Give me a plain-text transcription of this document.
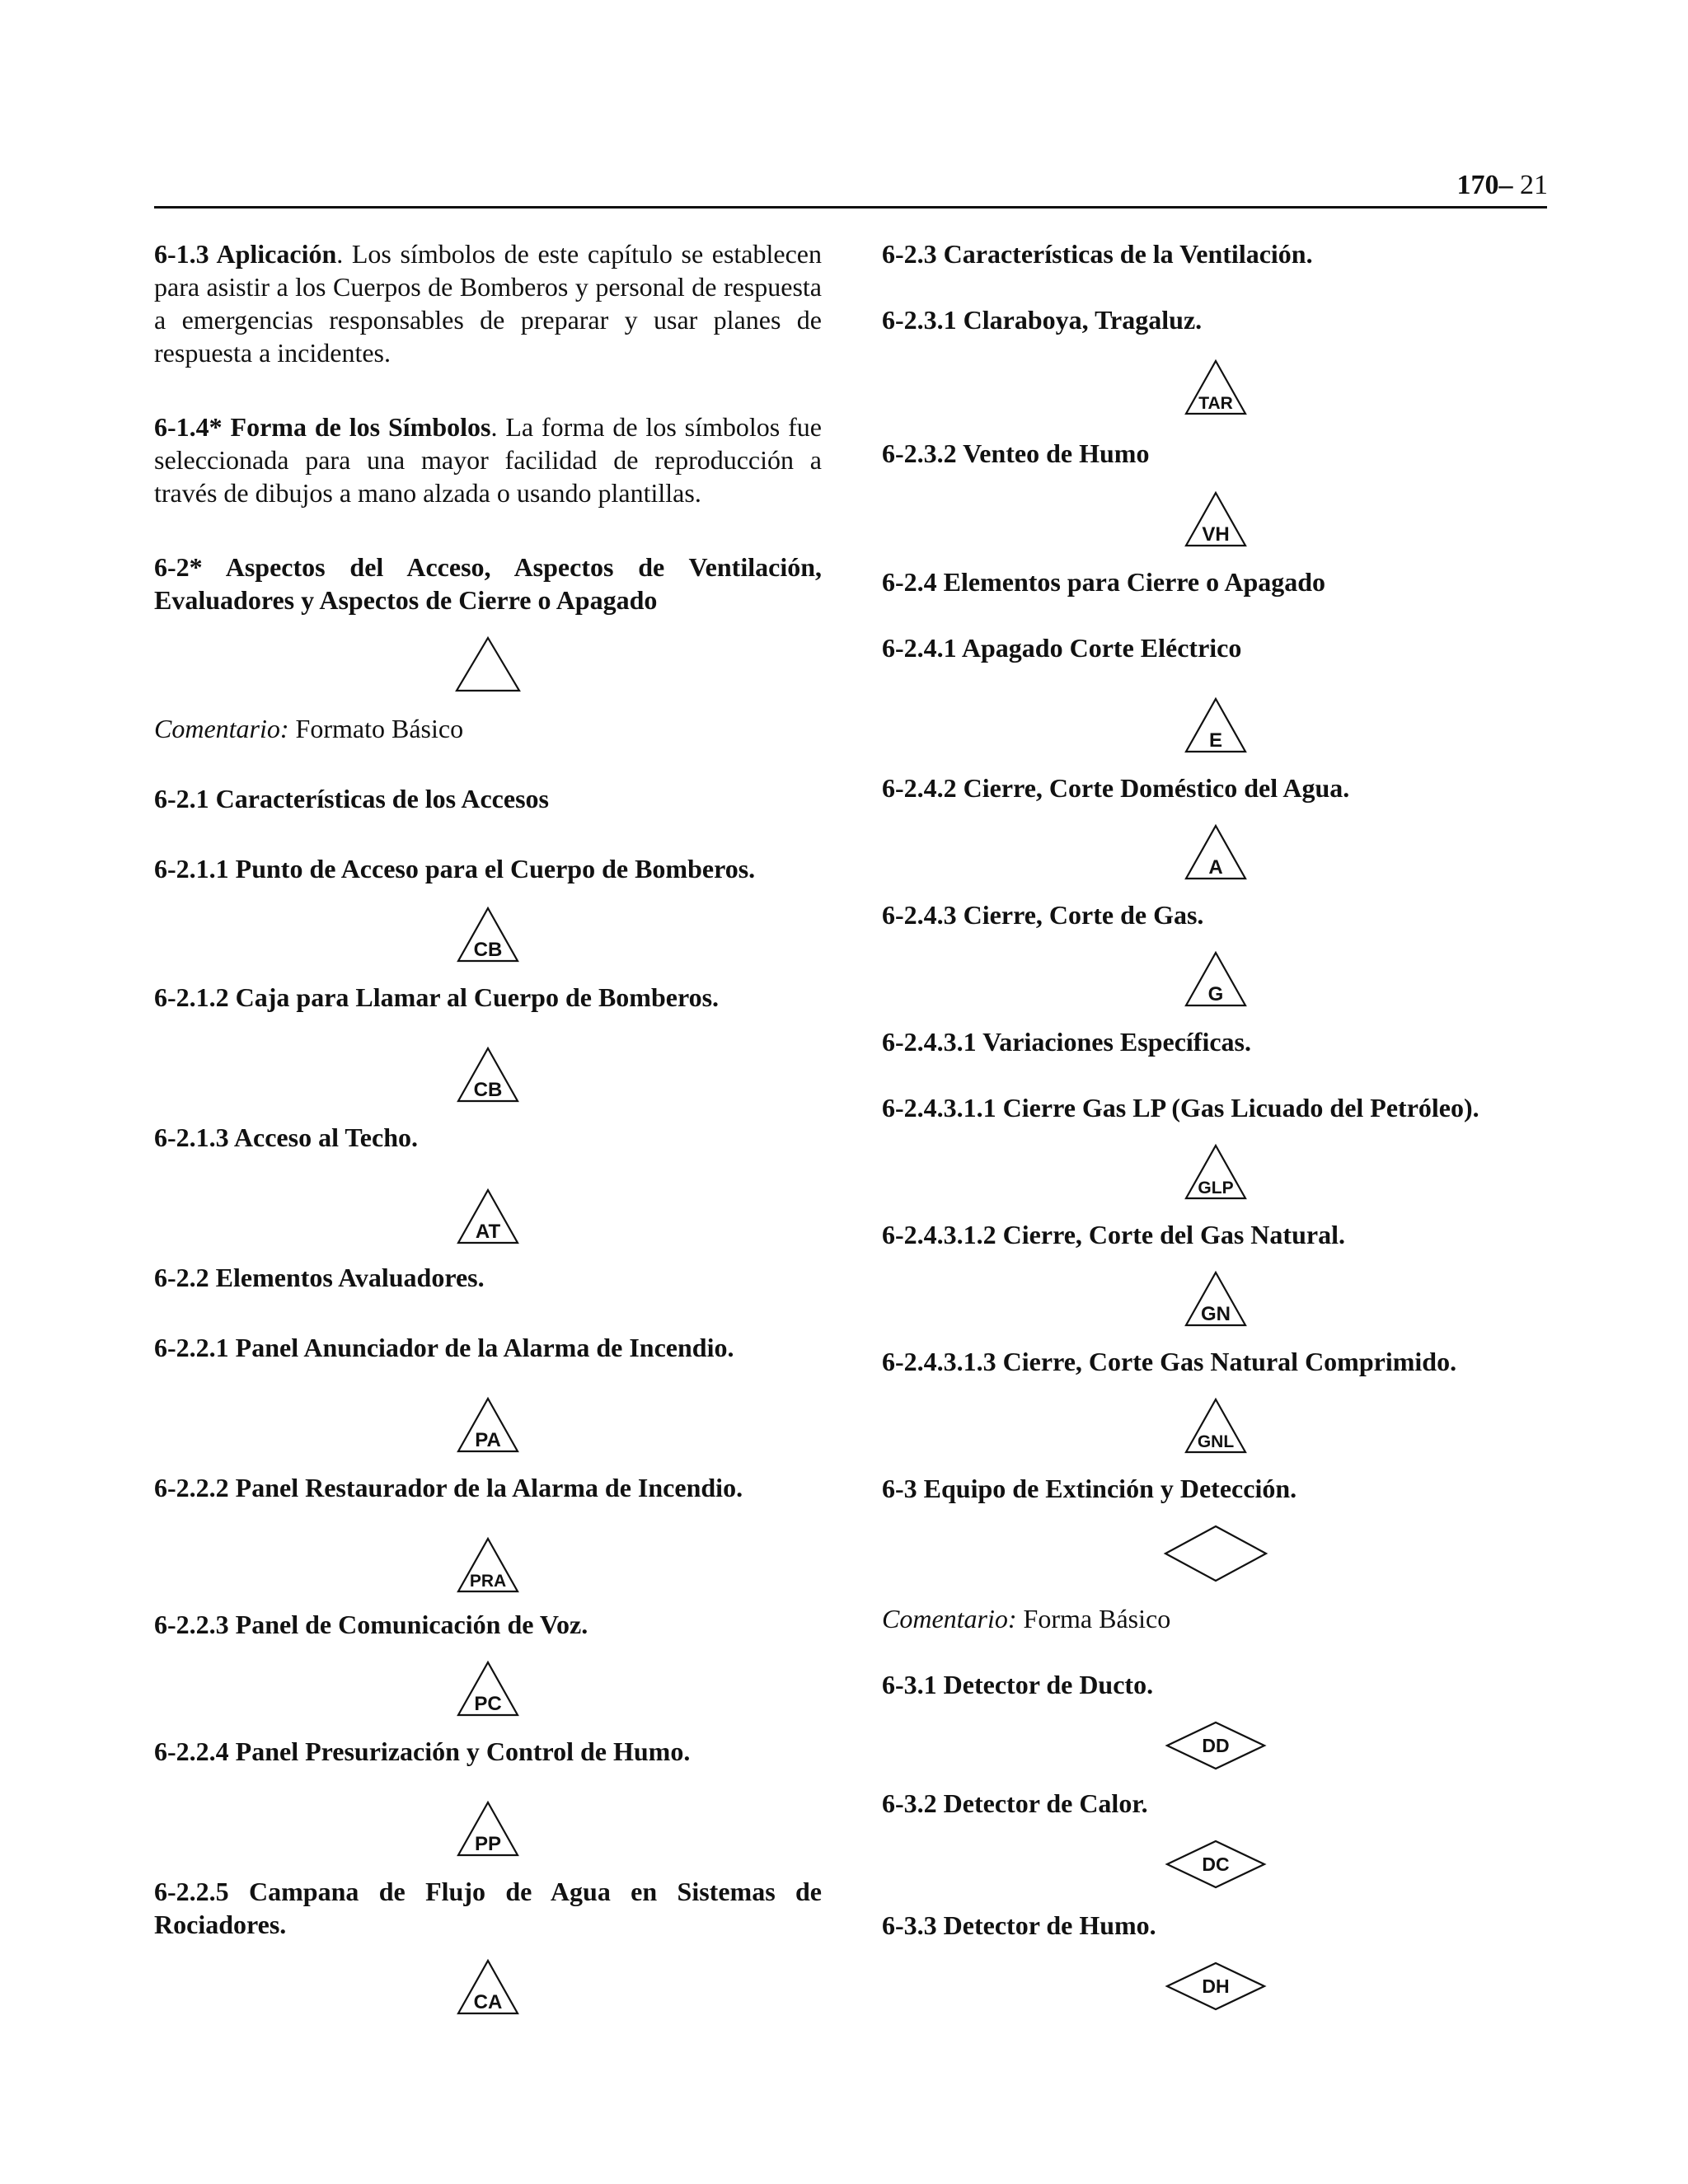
170– 21
6-1.3 Aplicación. Los símbolos de este capítulo se establecen para asistir a los Cuerpos de Bomberos y personal de respuesta a emergencias responsables de preparar y usar planes de respuesta a incidentes.
6-1.4* Forma de los Símbolos. La forma de los símbolos fue seleccionada para una mayor facilidad de reproducción a través de dibujos a mano alzada o usando plantillas.
6-2* Aspectos del Acceso, Aspectos de Ventilación, Evaluadores y Aspectos de Cierre o Apagado
Comentario: Formato Básico
6-2.1 Características de los Accesos
6-2.1.1 Punto de Acceso para el Cuerpo de Bomberos.
CB
6-2.1.2 Caja para Llamar al Cuerpo de Bomberos.
CB
6-2.1.3 Acceso al Techo.
AT
6-2.2 Elementos Avaluadores.
6-2.2.1 Panel Anunciador de la Alarma de Incendio.
PA
6-2.2.2 Panel Restaurador de la Alarma de Incendio.
PRA
6-2.2.3 Panel de Comunicación de Voz.
PC
6-2.2.4 Panel Presurización y Control de Humo.
PP
6-2.2.5 Campana de Flujo de Agua en Sistemas de Rociadores.
CA
6-2.3 Características de la Ventilación.
6-2.3.1 Claraboya, Tragaluz.
TAR
6-2.3.2 Venteo de Humo
VH
6-2.4 Elementos para Cierre o Apagado
6-2.4.1 Apagado Corte Eléctrico
E
6-2.4.2 Cierre, Corte Doméstico del Agua.
A
6-2.4.3 Cierre, Corte de Gas.
G
6-2.4.3.1 Variaciones Específicas.
6-2.4.3.1.1 Cierre Gas LP (Gas Licuado del Petróleo).
GLP
6-2.4.3.1.2 Cierre, Corte del Gas Natural.
GN
6-2.4.3.1.3 Cierre, Corte Gas Natural Comprimido.
GNL
6-3 Equipo de Extinción y Detección.
Comentario: Forma Básico
6-3.1 Detector de Ducto.
DD
6-3.2 Detector de Calor.
DC
6-3.3 Detector de Humo.
DH
